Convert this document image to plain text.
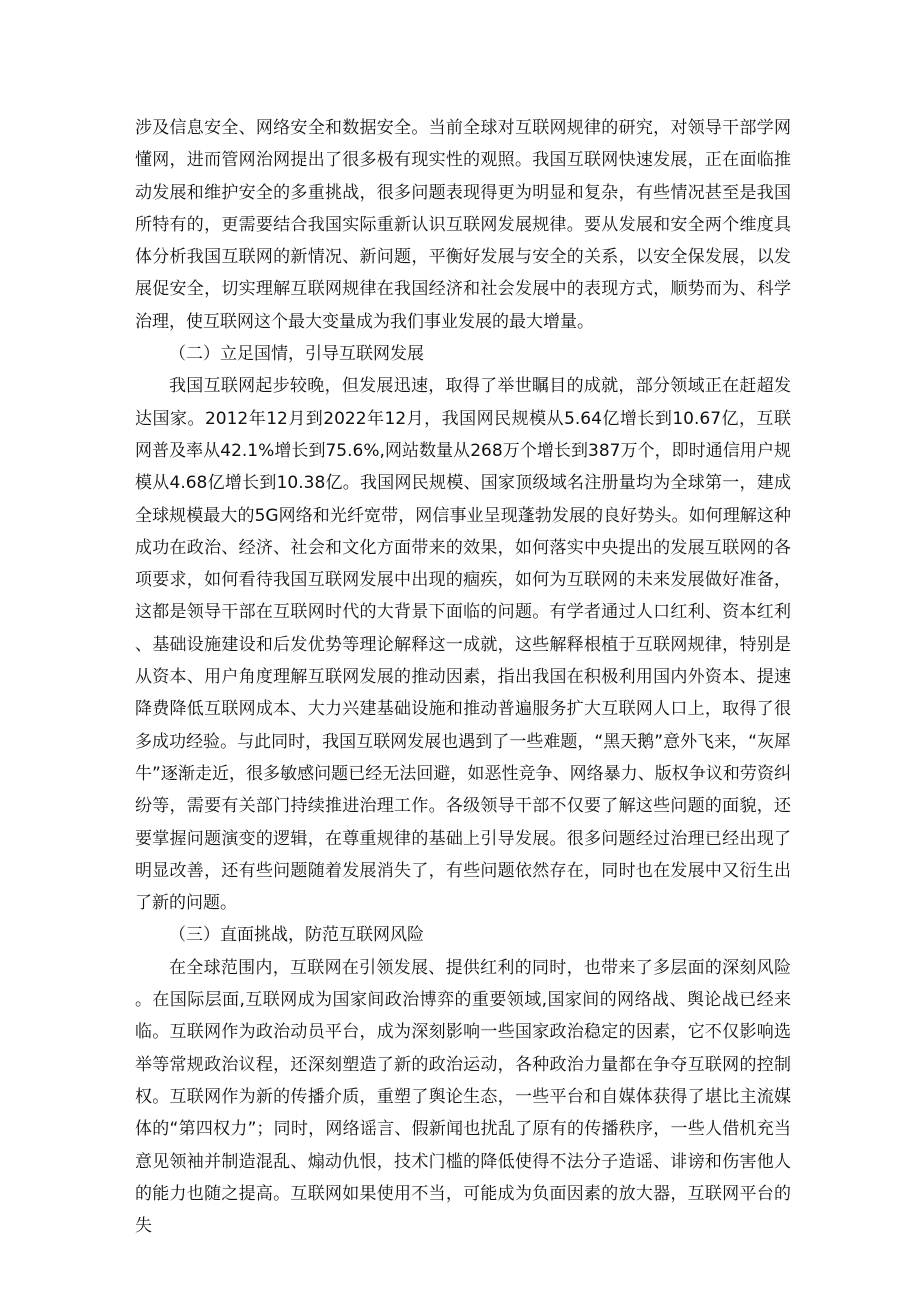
涉及信息安全、网络安全和数据安全。当前全球对互联网规律的研究，对领导干部学网懂网，进而管网治网提出了很多极有现实性的观照。我国互联网快速发展，正在面临推动发展和维护安全的多重挑战，很多问题表现得更为明显和复杂，有些情况甚至是我国所特有的，更需要结合我国实际重新认识互联网发展规律。要从发展和安全两个维度具体分析我国互联网的新情况、新问题，平衡好发展与安全的关系，以安全保发展，以发展促安全，切实理解互联网规律在我国经济和社会发展中的表现方式，顺势而为、科学治理，使互联网这个最大变量成为我们事业发展的最大增量。

（二）立足国情，引导互联网发展

我国互联网起步较晚，但发展迅速，取得了举世瞩目的成就，部分领域正在赶超发达国家。2012年12月到2022年12月，我国网民规模从5.64亿增长到10.67亿，互联网普及率从42.1%增长到75.6%,网站数量从268万个增长到387万个，即时通信用户规模从4.68亿增长到10.38亿。我国网民规模、国家顶级域名注册量均为全球第一，建成全球规模最大的5G网络和光纤宽带，网信事业呈现蓬勃发展的良好势头。如何理解这种成功在政治、经济、社会和文化方面带来的效果，如何落实中央提出的发展互联网的各项要求，如何看待我国互联网发展中出现的痼疾，如何为互联网的未来发展做好准备，这都是领导干部在互联网时代的大背景下面临的问题。有学者通过人口红利、资本红利、基础设施建设和后发优势等理论解释这一成就，这些解释根植于互联网规律，特别是从资本、用户角度理解互联网发展的推动因素，指出我国在积极利用国内外资本、提速降费降低互联网成本、大力兴建基础设施和推动普遍服务扩大互联网人口上，取得了很多成功经验。与此同时，我国互联网发展也遇到了一些难题，“黑天鹅”意外飞来，“灰犀牛”逐渐走近，很多敏感问题已经无法回避，如恶性竞争、网络暴力、版权争议和劳资纠纷等，需要有关部门持续推进治理工作。各级领导干部不仅要了解这些问题的面貌，还要掌握问题演变的逻辑，在尊重规律的基础上引导发展。很多问题经过治理已经出现了明显改善，还有些问题随着发展消失了，有些问题依然存在，同时也在发展中又衍生出了新的问题。

（三）直面挑战，防范互联网风险

在全球范围内，互联网在引领发展、提供红利的同时，也带来了多层面的深刻风险。在国际层面,互联网成为国家间政治博弈的重要领域,国家间的网络战、舆论战已经来临。互联网作为政治动员平台，成为深刻影响一些国家政治稳定的因素，它不仅影响选举等常规政治议程，还深刻塑造了新的政治运动，各种政治力量都在争夺互联网的控制权。互联网作为新的传播介质，重塑了舆论生态，一些平台和自媒体获得了堪比主流媒体的“第四权力”；同时，网络谣言、假新闻也扰乱了原有的传播秩序，一些人借机充当意见领袖并制造混乱、煽动仇恨，技术门槛的降低使得不法分子造谣、诽谤和伤害他人的能力也随之提高。互联网如果使用不当，可能成为负面因素的放大器，互联网平台的失
